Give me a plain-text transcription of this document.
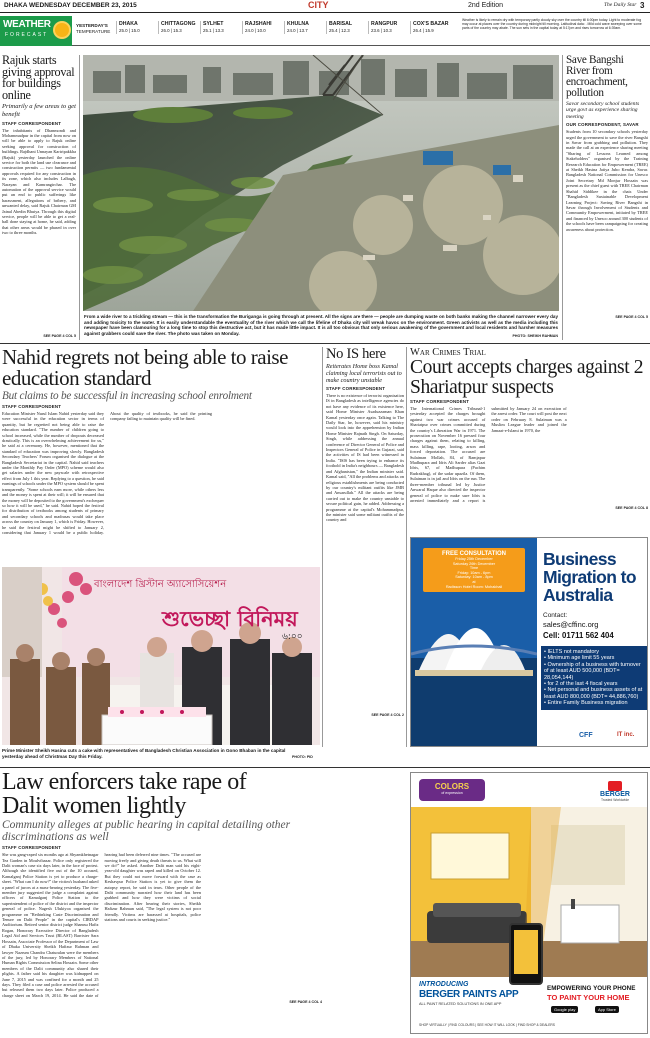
DHAKA WEDNESDAY DECEMBER 23, 2015	CITY	2nd Edition	The Daily Star 3
WEATHER
FORECAST
YESTERDAY'S
TEMPERATURE
DHAKA
25.0 | 15.0
CHITTAGONG
26.0 | 15.3
SYLHET
25.1 | 13.3
RAJSHAHI
24.0 | 10.0
KHULNA
24.0 | 13.7
BARISAL
25.4 | 12.3
RANGPUR
23.6 | 10.3
COX'S BAZAR
26.4 | 15.9
Weather is likely to remain dry with temporary partly cloudy sky over the country till 6:00pm today. Light to moderate fog may occur at places over the country during midnight till morning. Latitudinal data: . Mild cold wave sweeping over some parts of the country may abate. The sun sets in the capital today at 5:17pm and rises tomorrow at 6:39am.
Rajuk starts giving approval for buildings online
Primarily a few areas to get benefit
STAFF CORRESPONDENT
The inhabitants of Dhanmondi and Mohammadpur in the capital from now on will be able to apply to Rajuk online seeking approval for construction of buildings. Rajdhani Unnayan Kartripakkha (Rajuk) yesterday launched the online service for both the land use clearance and construction permits — two fundamental approvals required for any construction in its zone, which also includes Lalbagh, Narayan and Kamrangirchar. The automation of the approval service would put an end to public sufferings like harassment, allegations of bribery, and unwanted delay, said Rajuk Chairman GM Jainal Abedin Bhuiya. Through this digital service, people will be able to get a real-ball done staying at home, he said, adding that other areas would be phased in over two to three months.
SEE PAGE 4 COL 5
From a wide river to a trickling stream — this is the transformation the Buriganga is going through at present. All the signs are there — people are dumping waste on both banks making the channel narrower every day and adding toxicity to the water. It is easily understandable the eventuality of the river which we call the lifeline of Dhaka city will wreak havoc on the environment. Green activists as well as the media including this newspaper have been clamouring for a long time to stop this destructive act, but it has made little impact. It is all too obvious that only serious awakening of the government and local residents and harsher measures against grabbers could save the river. The photo was taken on Monday.
PHOTO: SHEIKH RAHMAN
Save Bangshi River from encroachment, pollution
Savar secondary school students urge govt as experience sharing meeting
OUR CORRESPONDENT, SAVAR
Students from 10 secondary schools yesterday urged the government to save the river Bangshi in Savar from grabbing and pollution. They made the call at an experience sharing meeting "Sharing of Lessons Learned among Stakeholders" organised by the Training Research Education for Empowerment (TREE) at Sheikh Hasina Jatiya Jubo Kendra, Savar. Bangladesh National Commission for Unesco Joint Secretary Md Monjur Hossain was present as the chief guest with TREE Chairman Shahid Siddikee in the chair. Under "Bangladesh Sustainable Development Learning Project: Saving River Bangshi in Savar through Involvement of Students and Community Empowerment, initiated by TREE and financed by Unesco around 300 students of the schools have been campaigning for creating awareness about protection.
SEE PAGE 4 COL 5
Nahid regrets not being able to raise education standard
But claims to be successful in increasing school enrolment
STAFF CORRESPONDENT
Education Minister Nurul Islam Nahid yesterday said they were successful in the education sector in terms of quantity, but he regretted not being able to raise the education standard. "The number of children going to school increased, while the number of dropouts decreased drastically. This is an overwhelming achievement for us," he said at a ceremony. He, however, mentioned that the standard of education was improving slowly. Bangladesh Secondary Teachers' Forum organised the dialogue at the Bangladesh Secretariat in the capital. Nahid said teachers under the Monthly Pay Order (MPO) scheme would also get salaries under the new payscale with retrospective effect from July 1 this year. Replying to a question, he said earnings of schools under the MPO system should be spent transparently. "Some schools earn more, while others less and the money is spent at their will; it will be ensured that the money will be deposited to the government's exchequer so how it will be used," he said. Nahid hoped the festival for distribution of textbooks among students of primary and secondary schools and madrasas would take place across the country on January 1, which is Friday. However, he said the festival might be shifted to January 2, considering that January 1 would be a public holiday. About the quality of textbooks, he said the printing company failing to maintain quality will be fined.
বাংলাদেশ খ্রিস্টান অ্যাসোসিয়েশন
শুভেচ্ছা বিনিময়
৬:০০
Prime Minister Sheikh Hasina cuts a cake with representatives of Bangladesh Christian Association in Gono Bhaban in the capital yesterday ahead of Christmas Day this Friday.	PHOTO: PID
No IS here
Reiterates Home boss Kamal claiming local terrorists out to make country unstable
STAFF CORRESPONDENT
There is no existence of terrorist organisation IS in Bangladesh as intelligence agencies do not have any evidence of its existence here, said Home Minister Asaduzzaman Khan Kamal yesterday once again. Talking to The Daily Star, he, however, said his ministry would look into the apprehension by Indian Home Minister Rajnath Singh. On Saturday, Singh, while addressing the annual conference of Director General of Police and Inspectors General of Police in Gujarat, said the activities of IS had been witnessed in India. "ISIS has been trying to enhance its foothold in India's neighbours — Bangladesh and Afghanistan," the Indian minister said. Kamal said, "All the problems and attacks on religious establishments are being conducted by our country's militant outfits like JMB and Ansarullah." All the attacks are being carried out to make the country unstable to secure political gain, he added. Addressing a programme at the capital's Mohammadpur, the minister said some militant outfits of the country and
SEE PAGE 4 COL 2
War Crimes Trial
Court accepts charges against 2 Shariatpur suspects
STAFF CORRESPONDENT
The International Crimes Tribunal-1 yesterday accepted the charges brought against two war crimes accused of Shariatpur over crimes committed during the country's Liberation War in 1971. The prosecution on November 16 pressed four charges against them, relating to killing, mass killing, rape, looting, arson and forced deportation. The accused are Sulaiman Mollah, 84, of Ramjapur Madhupara and Idris Ali Sarder alias Gazi Idris, 67, of Madhupara (Pachim Rudrakhag), of the sadar upazila. Of them, Sulaiman is in jail and Idris on the run. The three-member tribunal led by Justice Anwarul Haque also directed the inspector general of police to make sure Idris is arrested immediately and a report is submitted by January 24 on execution of the arrest order. The court will post the next order on February 8. Sulaiman was a Muslim League leader and joined the Jamaat-e-Islami in 1970, the
SEE PAGE 4 COL 8
FREE CONSULTATION
Friday 25th December
Saturday 26th December
Time
Friday: 10am - 6pm
Saturday: 10am - 8pm
at
Radisson Hotel Room: Mohakhali
Business Migration to Australia
Contact:
sales@cffinc.org
Cell: 01711 562 404
• IELTS not mandatory
• Minimum age limit 55 years
• Ownership of a business with turnover of at least AUD 500,000 (BDT= 28,054,144)
• for 2 of the last 4 fiscal years
• Net personal and business assets of at least AUD 800,000 (BDT= 44,886,760)
• Entire Family Business migration
CFF	IT inc.
Law enforcers take rape of Dalit women lightly
Community alleges at public hearing in capital detailing other discriminations as well
STAFF CORRESPONDENT
She was gang-raped six months ago at Shyamkhetnagar Tea Garden in Moulvibazar. Police only registered the Dalit woman's case six days later, in the face of protest. Although she identified five out of the 10 accused, Kamalganj Police Station is yet to produce a charge-sheet. "What can I do now?" the victim's husband asked a panel of jurors at a mass-hearing yesterday. The five-member jury suggested the judge a complaint against officers of Kamalganj Police Station to the superintendent of police of the district and the inspector general of police. Nagesh Ulukiyoa organised the programme on "Rethinking Caste Discrimination and Tenure on Dalit People" in the capital's CIRDAP Auditorium. Retired senior district judge Shamsu Hafiz Rogan, Honorary Executive Director of Bangladesh Legal Aid and Services Trust (BLAST) Barrister Sara Hossain, Associate Professor of the Department of Law of Dhaka University Sheikh Hafizur Rahman and lawyer Nazrum Chandra Chaturalan were the members of the jury, led by Honorary Members of National Human Rights Commission Selina Hossain. Some other members of the Dalit community also shared their plights. A father said his daughter was kidnapped on June 7, 2015 and was confined for a month and 25 days. They filed a case and police arrested the accused but released them two days later. Police produced a charge sheet on March 19, 2014. He said the date of hearing had been deferred nine times. "The accused are moving freely and giving death threats to us. What will we do?" he asked. Another Dalit man said his eight-year-old daughter was raped and killed on October 12. But they could not move forward with the case as Keshavpur Police Station is yet to give them the autopsy report, he said in tears. Other people of the Dalit community narrated how their land has been grabbed and how they were victims of social discrimination. After hearing their stories, Sheikh Hafizur Rahman said, "The legal system is not poor friendly. Victims are harassed at hospitals, police stations and courts in seeking justice."
SEE PAGE 4 COL 4
COLORS
of expression	BERGER
Trusted Worldwide
INTRODUCING
BERGER PAINTS APP
ALL PAINT RELATED SOLUTIONS IN ONE APP
EMPOWERING YOUR PHONE
TO PAINT YOUR HOME
Google play	App Store
SHOP VIRTUALLY | FIND COLOURS | SEE HOW IT WILL LOOK | FIND SHOP & DEALERS
